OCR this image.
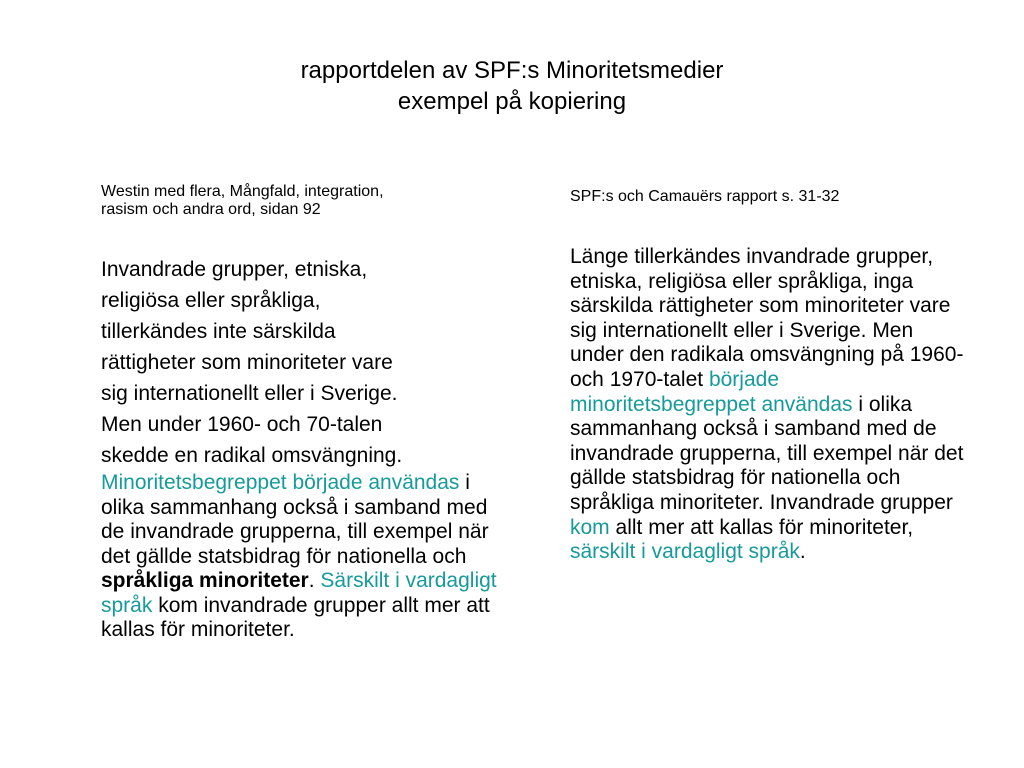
rapportdelen av SPF:s Minoritetsmedier
exempel på kopiering
Westin med flera, Mångfald, integration,
rasism och andra ord, sidan 92
Invandrade grupper, etniska,
religiösa eller språkliga,
tillerkändes inte särskilda
rättigheter som minoriteter vare
sig internationellt eller i Sverige.
Men under 1960- och 70-talen
skedde en radikal omsvängning.
Minoritetsbegreppet började användas i olika sammanhang också i samband med de invandrade grupperna, till exempel när det gällde statsbidrag för nationella och språkliga minoriteter. Särskilt i vardagligt språk kom invandrade grupper allt mer att kallas för minoriteter.
SPF:s och Camauërs rapport s. 31-32
Länge tillerkändes invandrade grupper, etniska, religiösa eller språkliga, inga särskilda rättigheter som minoriteter vare sig internationellt eller i Sverige. Men under den radikala omsvängning på 1960- och 1970-talet började minoritetsbegreppet användas i olika sammanhang också i samband med de invandrade grupperna, till exempel när det gällde statsbidrag för nationella och språkliga minoriteter. Invandrade grupper kom allt mer att kallas för minoriteter, särskilt i vardagligt språk.
